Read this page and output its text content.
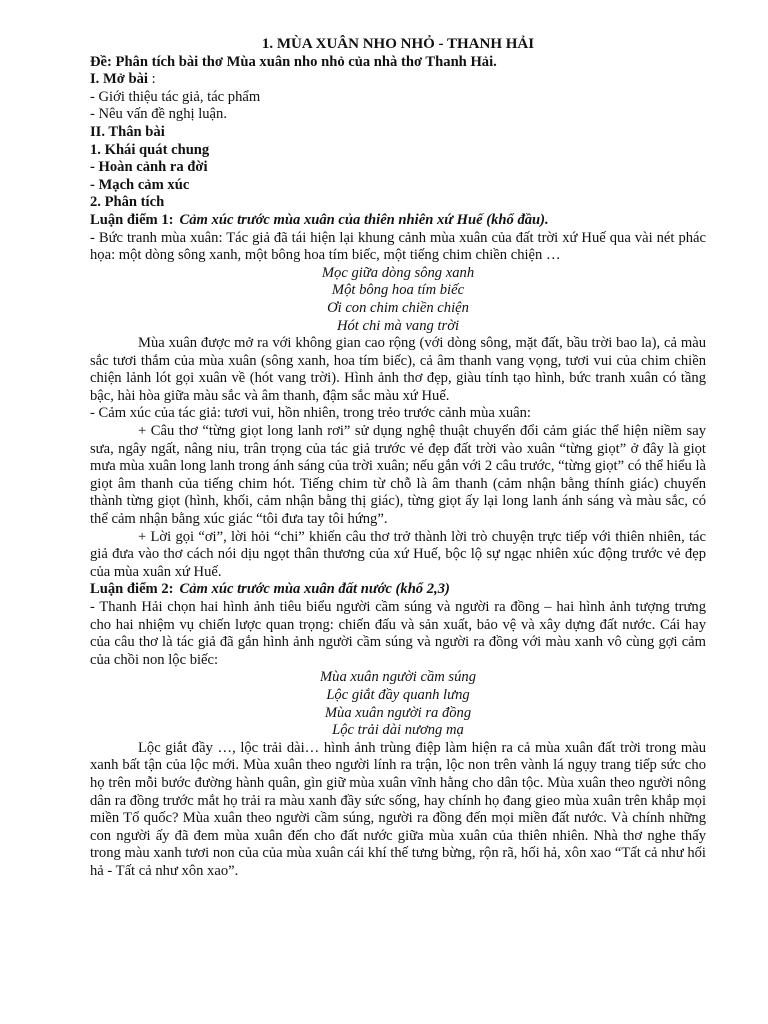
1. MÙA XUÂN NHO NHỎ - THANH HẢI

Đề: Phân tích bài thơ Mùa xuân nho nhỏ của nhà thơ Thanh Hải.

I. Mở bài :

- Giới thiệu tác giả, tác phẩm

- Nêu vấn đề nghị luận.

II. Thân bài

1. Khái quát chung

- Hoàn cảnh ra đời

- Mạch cảm xúc

2. Phân tích

Luận điểm 1: Cảm xúc trước mùa xuân của thiên nhiên xứ Huế (khổ đầu).

- Bức tranh mùa xuân: Tác giả đã tái hiện lại khung cảnh mùa xuân của đất trời xứ Huế qua vài nét phác họa: một dòng sông xanh, một bông hoa tím biếc, một tiếng chim chiền chiện …

Mọc giữa dòng sông xanh
Một bông hoa tím biếc
Ơi con chim chiền chiện
Hót chi mà vang trời

Mùa xuân được mở ra với không gian cao rộng (với dòng sông, mặt đất, bầu trời bao la), cả màu sắc tươi thắm của mùa xuân (sông xanh, hoa tím biếc), cả âm thanh vang vọng, tươi vui của chim chiền chiện lảnh lót gọi xuân về (hót vang trời). Hình ảnh thơ đẹp, giàu tính tạo hình, bức tranh xuân có tầng bậc, hài hòa giữa màu sắc và âm thanh, đậm sắc màu xứ Huế.

- Cảm xúc của tác giả: tươi vui, hồn nhiên, trong trẻo trước cảnh mùa xuân:

+ Câu thơ “từng giọt long lanh rơi” sử dụng nghệ thuật chuyển đổi cảm giác thể hiện niềm say sưa, ngây ngất, nâng niu, trân trọng của tác giả trước vẻ đẹp đất trời vào xuân “từng giọt” ở đây là giọt mưa mùa xuân long lanh trong ánh sáng của trời xuân; nếu gắn với 2 câu trước, “từng giọt” có thể hiểu là giọt âm thanh của tiếng chim hót. Tiếng chim từ chỗ là âm thanh (cảm nhận bằng thính giác) chuyển thành từng giọt (hình, khối, cảm nhận bằng thị giác), từng giọt ấy lại long lanh ánh sáng và màu sắc, có thể cảm nhận bằng xúc giác “tôi đưa tay tôi hứng”.

+ Lời gọi “ơi”, lời hỏi “chi” khiến câu thơ trở thành lời trò chuyện trực tiếp với thiên nhiên, tác giả đưa vào thơ cách nói dịu ngọt thân thương của xứ Huế, bộc lộ sự ngạc nhiên xúc động trước vẻ đẹp của mùa xuân xứ Huế.

Luận điểm 2: Cảm xúc trước mùa xuân đất nước (khổ 2,3)

- Thanh Hải chọn hai hình ảnh tiêu biểu người cầm súng và người ra đồng – hai hình ảnh tượng trưng cho hai nhiệm vụ chiến lược quan trọng: chiến đấu và sản xuất, bảo vệ và xây dựng đất nước. Cái hay của câu thơ là tác giả đã gắn hình ảnh người cầm súng và người ra đồng với màu xanh vô cùng gợi cảm của chồi non lộc biếc:

Mùa xuân người cầm súng
Lộc giắt đầy quanh lưng
Mùa xuân người ra đồng
Lộc trải dài nương mạ

Lộc giắt đầy …, lộc trải dài… hình ảnh trùng điệp làm hiện ra cả mùa xuân đất trời trong màu xanh bất tận của lộc mới. Mùa xuân theo người lính ra trận, lộc non trên vành lá ngụy trang tiếp sức cho họ trên mỗi bước đường hành quân, gìn giữ mùa xuân vĩnh hằng cho dân tộc. Mùa xuân theo người nông dân ra đồng trước mắt họ trải ra màu xanh đầy sức sống, hay chính họ đang gieo mùa xuân trên khắp mọi miền Tổ quốc? Mùa xuân theo người cầm súng, người ra đồng đến mọi miền đất nước. Và chính những con người ấy đã đem mùa xuân đến cho đất nước giữa mùa xuân của thiên nhiên. Nhà thơ nghe thấy trong màu xanh tươi non của của mùa xuân cái khí thế tưng bừng, rộn rã, hối hả, xôn xao “Tất cả như hối hả - Tất cả như xôn xao”.
